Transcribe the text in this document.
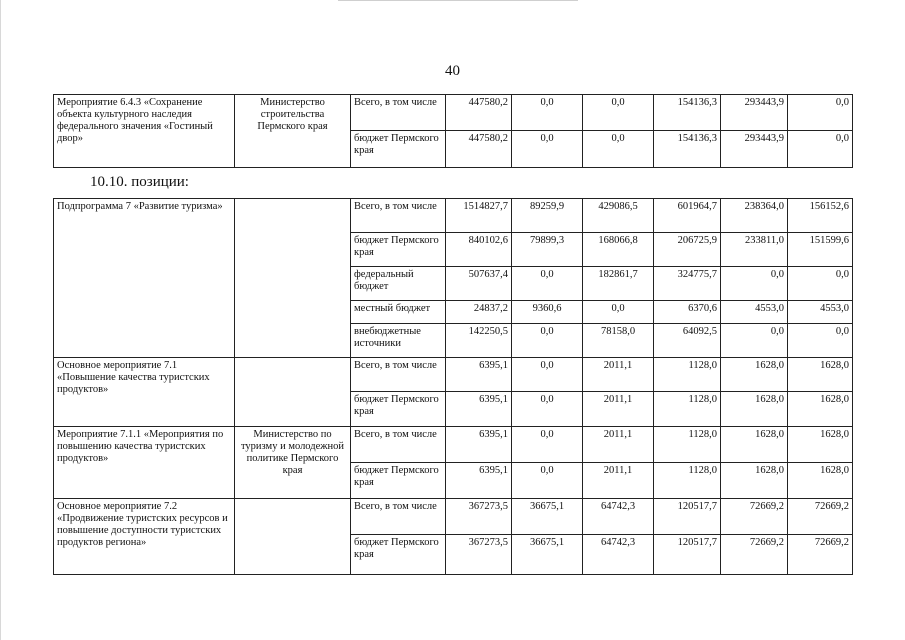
40
Мероприятие 6.4.3 «Сохранение объекта культурного наследия федерального значения «Гостиный двор»	Министерство строительства Пермского края	Всего, в том числе	447580,2	0,0	0,0	154136,3	293443,9	0,0
		бюджет Пермского края	447580,2	0,0	0,0	154136,3	293443,9	0,0
10.10. позиции:
Подпрограмма 7 «Развитие туризма»		Всего, в том числе	1514827,7	89259,9	429086,5	601964,7	238364,0	156152,6
		бюджет Пермского края	840102,6	79899,3	168066,8	206725,9	233811,0	151599,6
		федеральный бюджет	507637,4	0,0	182861,7	324775,7	0,0	0,0
		местный бюджет	24837,2	9360,6	0,0	6370,6	4553,0	4553,0
		внебюджетные источники	142250,5	0,0	78158,0	64092,5	0,0	0,0
Основное мероприятие 7.1 «Повышение качества туристских продуктов»		Всего, в том числе	6395,1	0,0	2011,1	1128,0	1628,0	1628,0
		бюджет Пермского края	6395,1	0,0	2011,1	1128,0	1628,0	1628,0
Мероприятие 7.1.1 «Мероприятия по повышению качества туристских продуктов»	Министерство по туризму и молодежной политике Пермского края	Всего, в том числе	6395,1	0,0	2011,1	1128,0	1628,0	1628,0
		бюджет Пермского края	6395,1	0,0	2011,1	1128,0	1628,0	1628,0
Основное мероприятие 7.2 «Продвижение туристских ресурсов и повышение доступности туристских продуктов региона»		Всего, в том числе	367273,5	36675,1	64742,3	120517,7	72669,2	72669,2
		бюджет Пермского края	367273,5	36675,1	64742,3	120517,7	72669,2	72669,2
